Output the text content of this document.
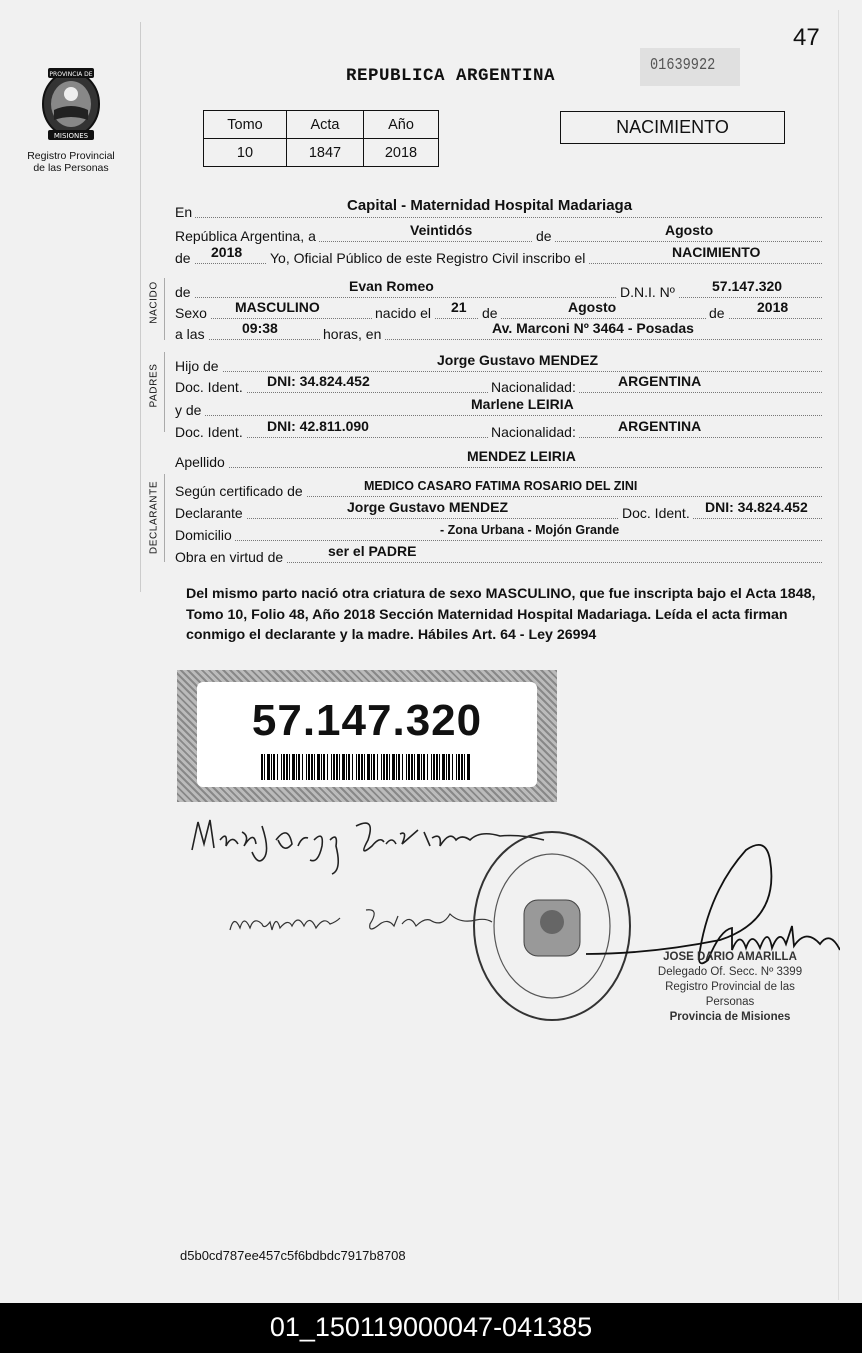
47
PROVINCIA DE
MISIONES
Registro Provincial
de las Personas
REPUBLICA ARGENTINA
01639922
Tomo	Acta	Año
10	1847	2018
NACIMIENTO
En	Capital - Maternidad Hospital Madariaga
República Argentina, a	Veintidós	de	Agosto
de 2018 Yo, Oficial Público de este Registro Civil inscribo el	NACIMIENTO
de	Evan Romeo	D.N.I. Nº	57.147.320
Sexo MASCULINO	nacido el 21 de	Agosto	de 2018
a las	09:38	horas, en	Av. Marconi Nº 3464 - Posadas
Hijo de	Jorge Gustavo MENDEZ
Doc. Ident. DNI: 34.824.452	Nacionalidad:	ARGENTINA
y de	Marlene LEIRIA
Doc. Ident. DNI: 42.811.090	Nacionalidad:	ARGENTINA
Apellido	MENDEZ LEIRIA
Según certificado de	MEDICO CASARO FATIMA ROSARIO DEL ZINI
Declarante	Jorge Gustavo MENDEZ	Doc. Ident. DNI: 34.824.452
Domicilio	- Zona Urbana - Mojón Grande
Obra en virtud de	ser el PADRE
NACIDO
PADRES
DECLARANTE
Del mismo parto nació otra criatura de sexo MASCULINO, que fue inscripta bajo el Acta 1848, Tomo 10, Folio 48, Año 2018 Sección Maternidad Hospital Madariaga. Leída el acta firman conmigo el declarante y la madre. Hábiles Art. 64 - Ley 26994
57.147.320
JOSE DARIO AMARILLA
Delegado Of. Secc. Nº 3399
Registro Provincial de las Personas
Provincia de Misiones
d5b0cd787ee457c5f6bdbdc7917b8708
01_150119000047-041385
